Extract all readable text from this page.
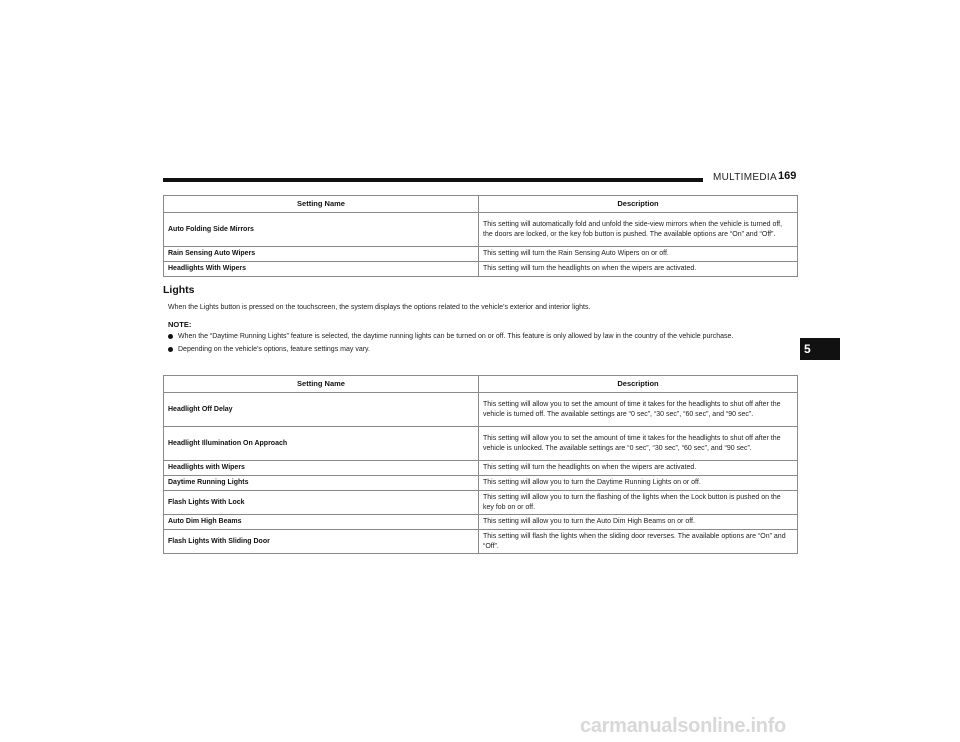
MULTIMEDIA 169
5
Setting Name	Description
Auto Folding Side Mirrors	This setting will automatically fold and unfold the side-view mirrors when the vehicle is turned off, the doors are locked, or the key fob button is pushed. The available options are “On” and “Off”.
Rain Sensing Auto Wipers	This setting will turn the Rain Sensing Auto Wipers on or off.
Headlights With Wipers	This setting will turn the headlights on when the wipers are activated.
Lights
When the Lights button is pressed on the touchscreen, the system displays the options related to the vehicle’s exterior and interior lights.
NOTE:
When the “Daytime Running Lights” feature is selected, the daytime running lights can be turned on or off. This feature is only allowed by law in the country of the vehicle purchase.
Depending on the vehicle’s options, feature settings may vary.
Setting Name	Description
Headlight Off Delay	This setting will allow you to set the amount of time it takes for the headlights to shut off after the vehicle is turned off. The available settings are “0 sec”, “30 sec”, “60 sec”, and “90 sec”.
Headlight Illumination On Approach	This setting will allow you to set the amount of time it takes for the headlights to shut off after the vehicle is unlocked. The available settings are “0 sec”, “30 sec”, “60 sec”, and “90 sec”.
Headlights with Wipers	This setting will turn the headlights on when the wipers are activated.
Daytime Running Lights	This setting will allow you to turn the Daytime Running Lights on or off.
Flash Lights With Lock	This setting will allow you to turn the flashing of the lights when the Lock button is pushed on the key fob on or off.
Auto Dim High Beams	This setting will allow you to turn the Auto Dim High Beams on or off.
Flash Lights With Sliding Door	This setting will flash the lights when the sliding door reverses. The available options are “On” and “Off”.
carmanualsonline.info
